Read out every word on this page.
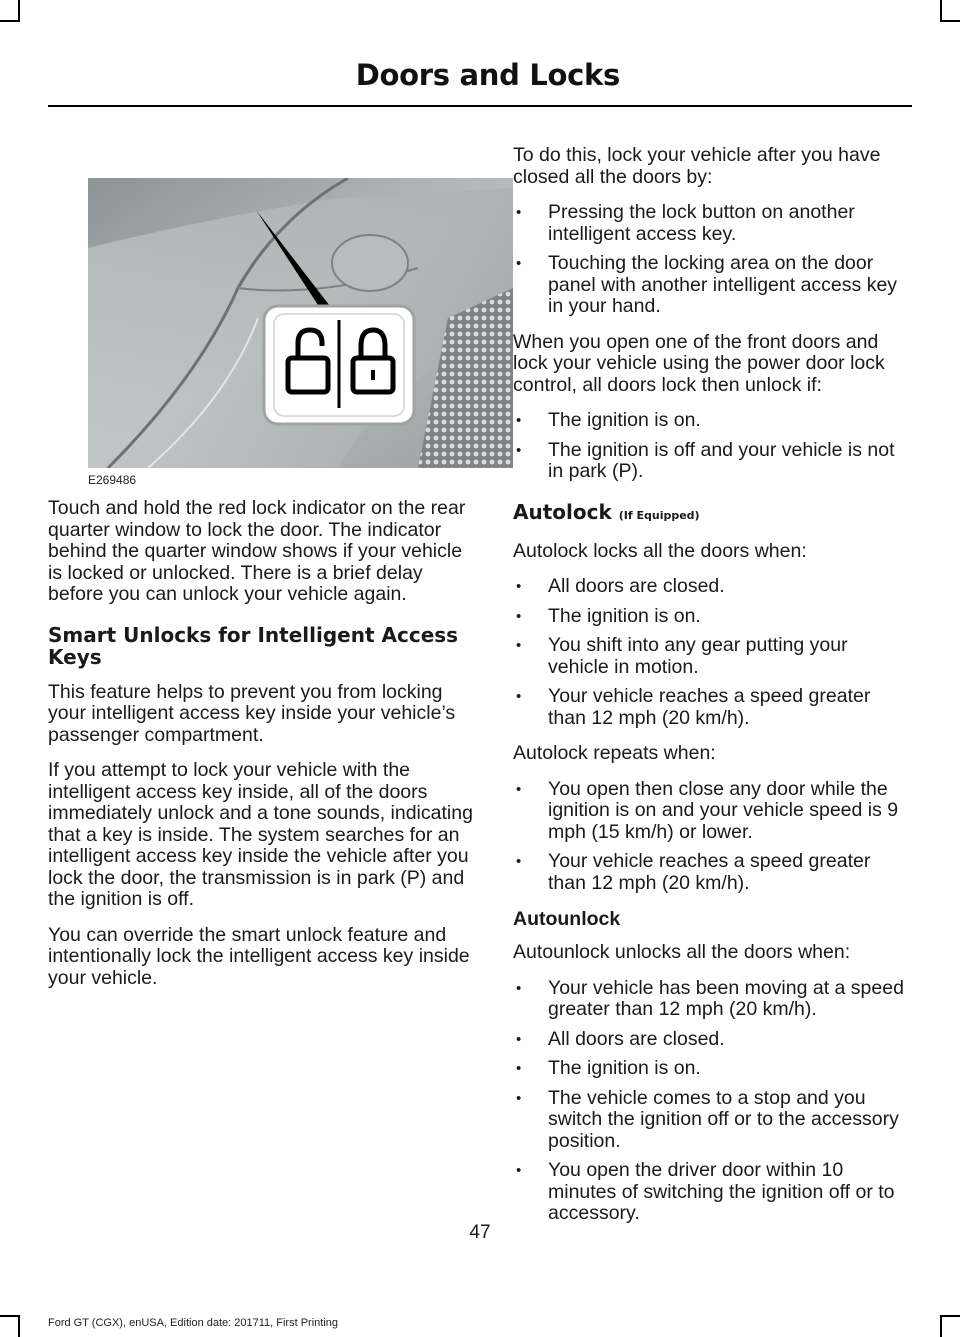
Doors and Locks

Touch and hold the red lock indicator on the rear quarter window to lock the door. The indicator behind the quarter window shows if your vehicle is locked or unlocked. There is a brief delay before you can unlock your vehicle again.

Smart Unlocks for Intelligent Access Keys

This feature helps to prevent you from locking your intelligent access key inside your vehicle’s passenger compartment.

If you attempt to lock your vehicle with the intelligent access key inside, all of the doors immediately unlock and a tone sounds, indicating that a key is inside. The system searches for an intelligent access key inside the vehicle after you lock the door, the transmission is in park (P) and the ignition is off.

You can override the smart unlock feature and intentionally lock the intelligent access key inside your vehicle.

E269486

To do this, lock your vehicle after you have closed all the doors by:

• Pressing the lock button on another intelligent access key.
• Touching the locking area on the door panel with another intelligent access key in your hand.

When you open one of the front doors and lock your vehicle using the power door lock control, all doors lock then unlock if:

• The ignition is on.
• The ignition is off and your vehicle is not in park (P).
Autolock (If Equipped)

Autolock locks all the doors when:

• All doors are closed.
• The ignition is on.
• You shift into any gear putting your vehicle in motion.
• Your vehicle reaches a speed greater than 12 mph (20 km/h).

Autolock repeats when:

• You open then close any door while the ignition is on and your vehicle speed is 9 mph (15 km/h) or lower.
• Your vehicle reaches a speed greater than 12 mph (20 km/h).
Autounlock

Autounlock unlocks all the doors when:

• Your vehicle has been moving at a speed greater than 12 mph (20 km/h).
• All doors are closed.
• The ignition is on.
• The vehicle comes to a stop and you switch the ignition off or to the accessory position.
• You open the driver door within 10 minutes of switching the ignition off or to accessory.
47
Ford GT (CGX), enUSA, Edition date: 201711, First Printing
